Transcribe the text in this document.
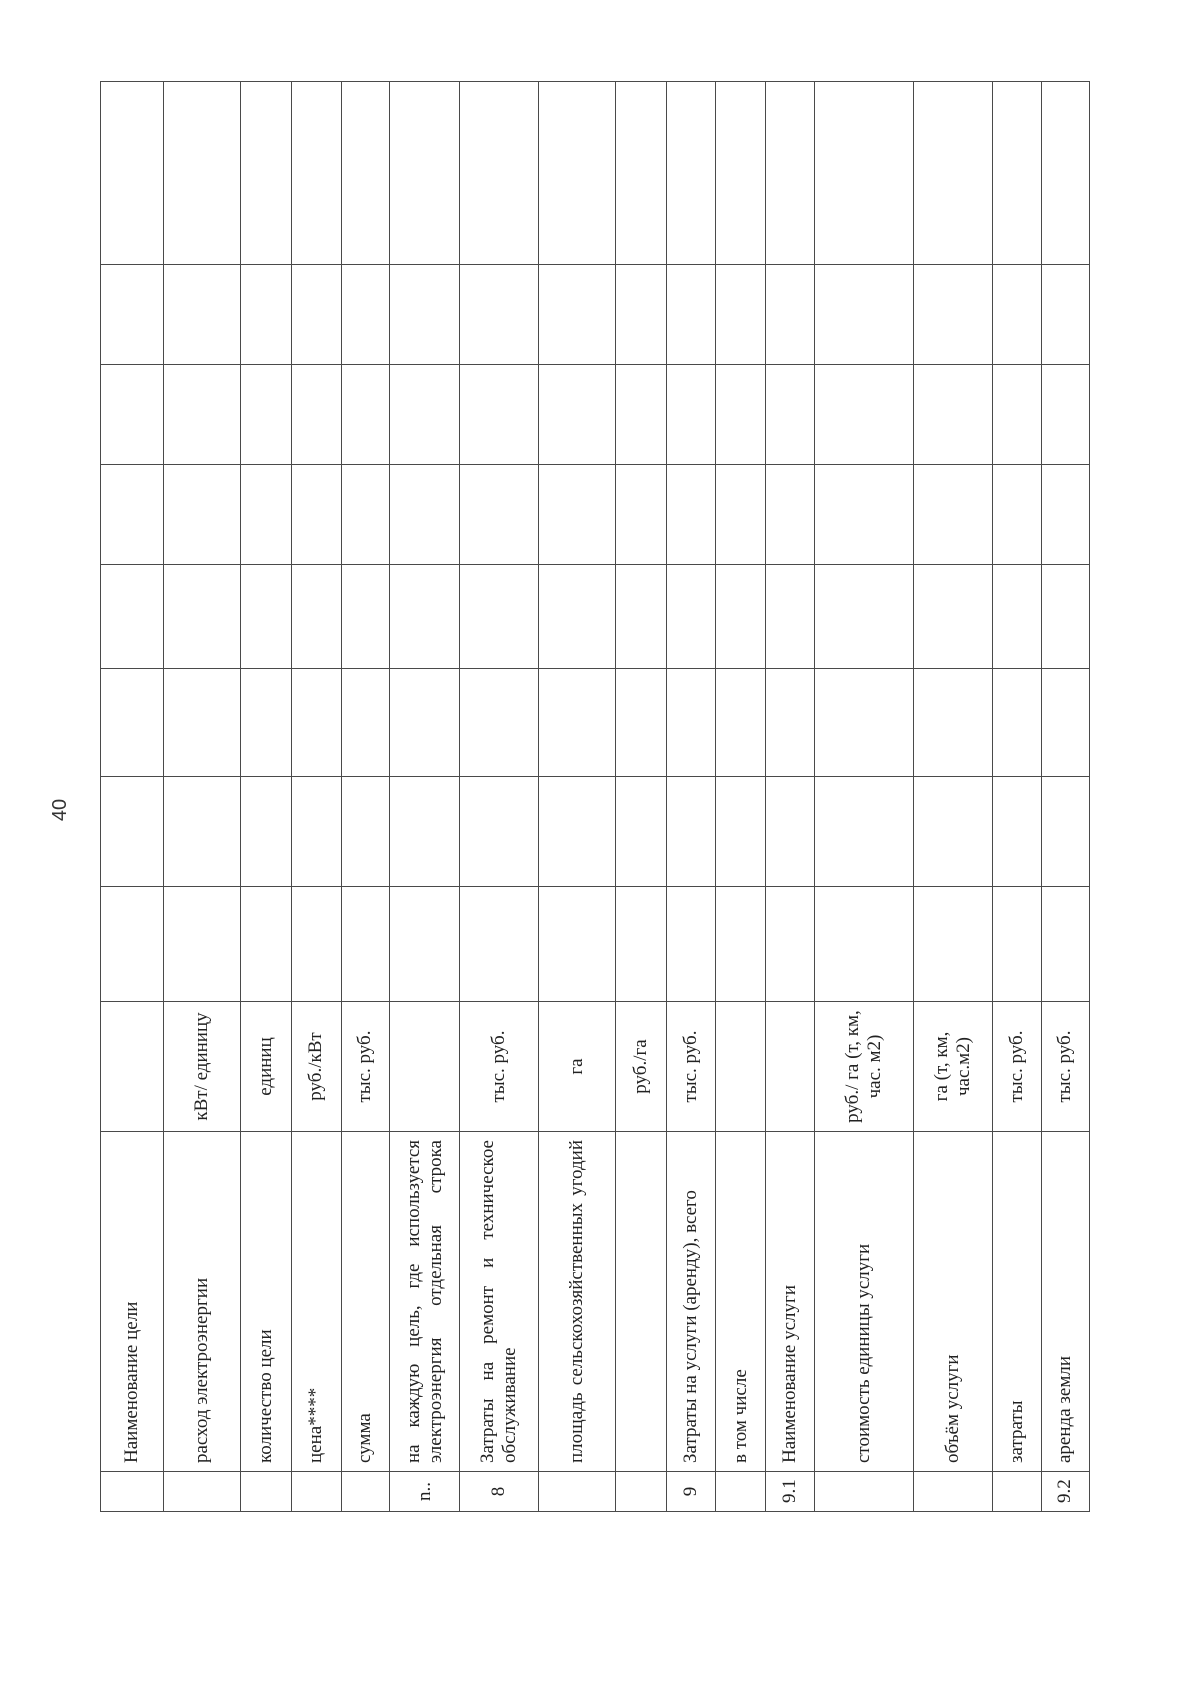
40
	Наименование цели									
	расход электроэнергии	кВт/ единицу								
	количество цели	единиц								
	цена****	руб./кВт								
	сумма	тыс. руб.								
n..	на каждую цель, где используется электроэнергия отдельная строка									
8	Затраты на ремонт и техническое обслуживание	тыс. руб.								
	площадь сельскохозяйственных угодий	га								
		руб./га								
9	Затраты на услуги (аренду), всего	тыс. руб.								
	в том числе									
9.1	Наименование услуги									
	стоимость единицы услуги	руб./ га (т, км, час. м2)								
	объём услуги	га (т, км, час.м2)								
	затраты	тыс. руб.								
9.2	аренда земли	тыс. руб.								
